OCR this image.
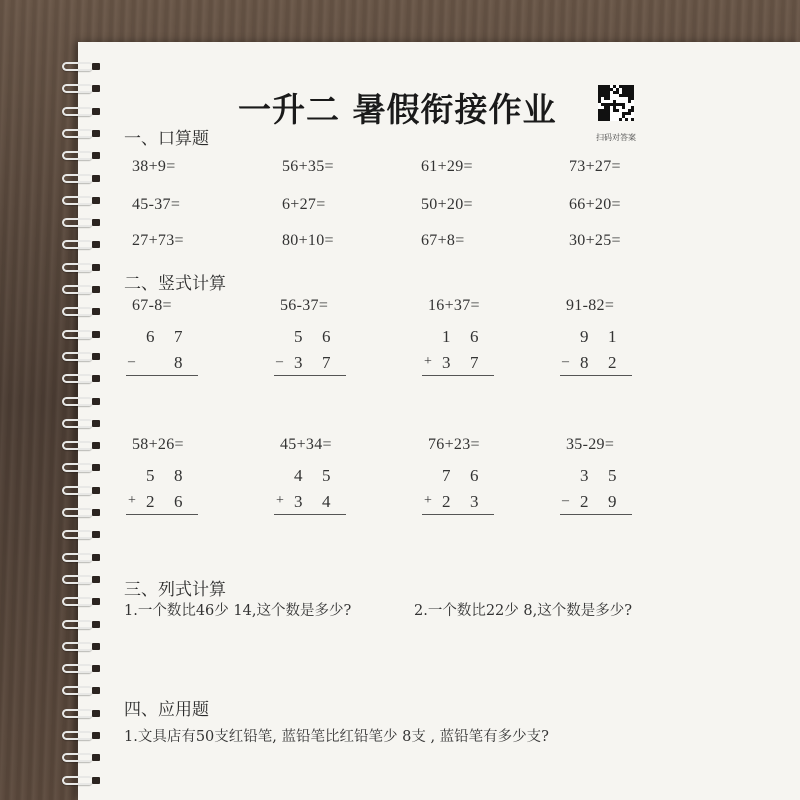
一升二 暑假衔接作业
扫码对答案
一、口算题
38+9=	56+35=	61+29=	73+27=
45-37=	6+27=	50+20=	66+20=
27+73=	80+10=	67+8=	30+25=
二、竖式计算
67-8=
6 7
– 8
56-37=
5 6
– 3 7
16+37=
1 6
+ 3 7
91-82=
9 1
– 8 2
58+26=
5 8
+ 2 6
45+34=
4 5
+ 3 4
76+23=
7 6
+ 2 3
35-29=
3 5
– 2 9
三、列式计算
1.一个数比46少 14,这个数是多少?	2.一个数比22少 8,这个数是多少?
四、应用题
1.文具店有50支红铅笔, 蓝铅笔比红铅笔少 8支 , 蓝铅笔有多少支?
